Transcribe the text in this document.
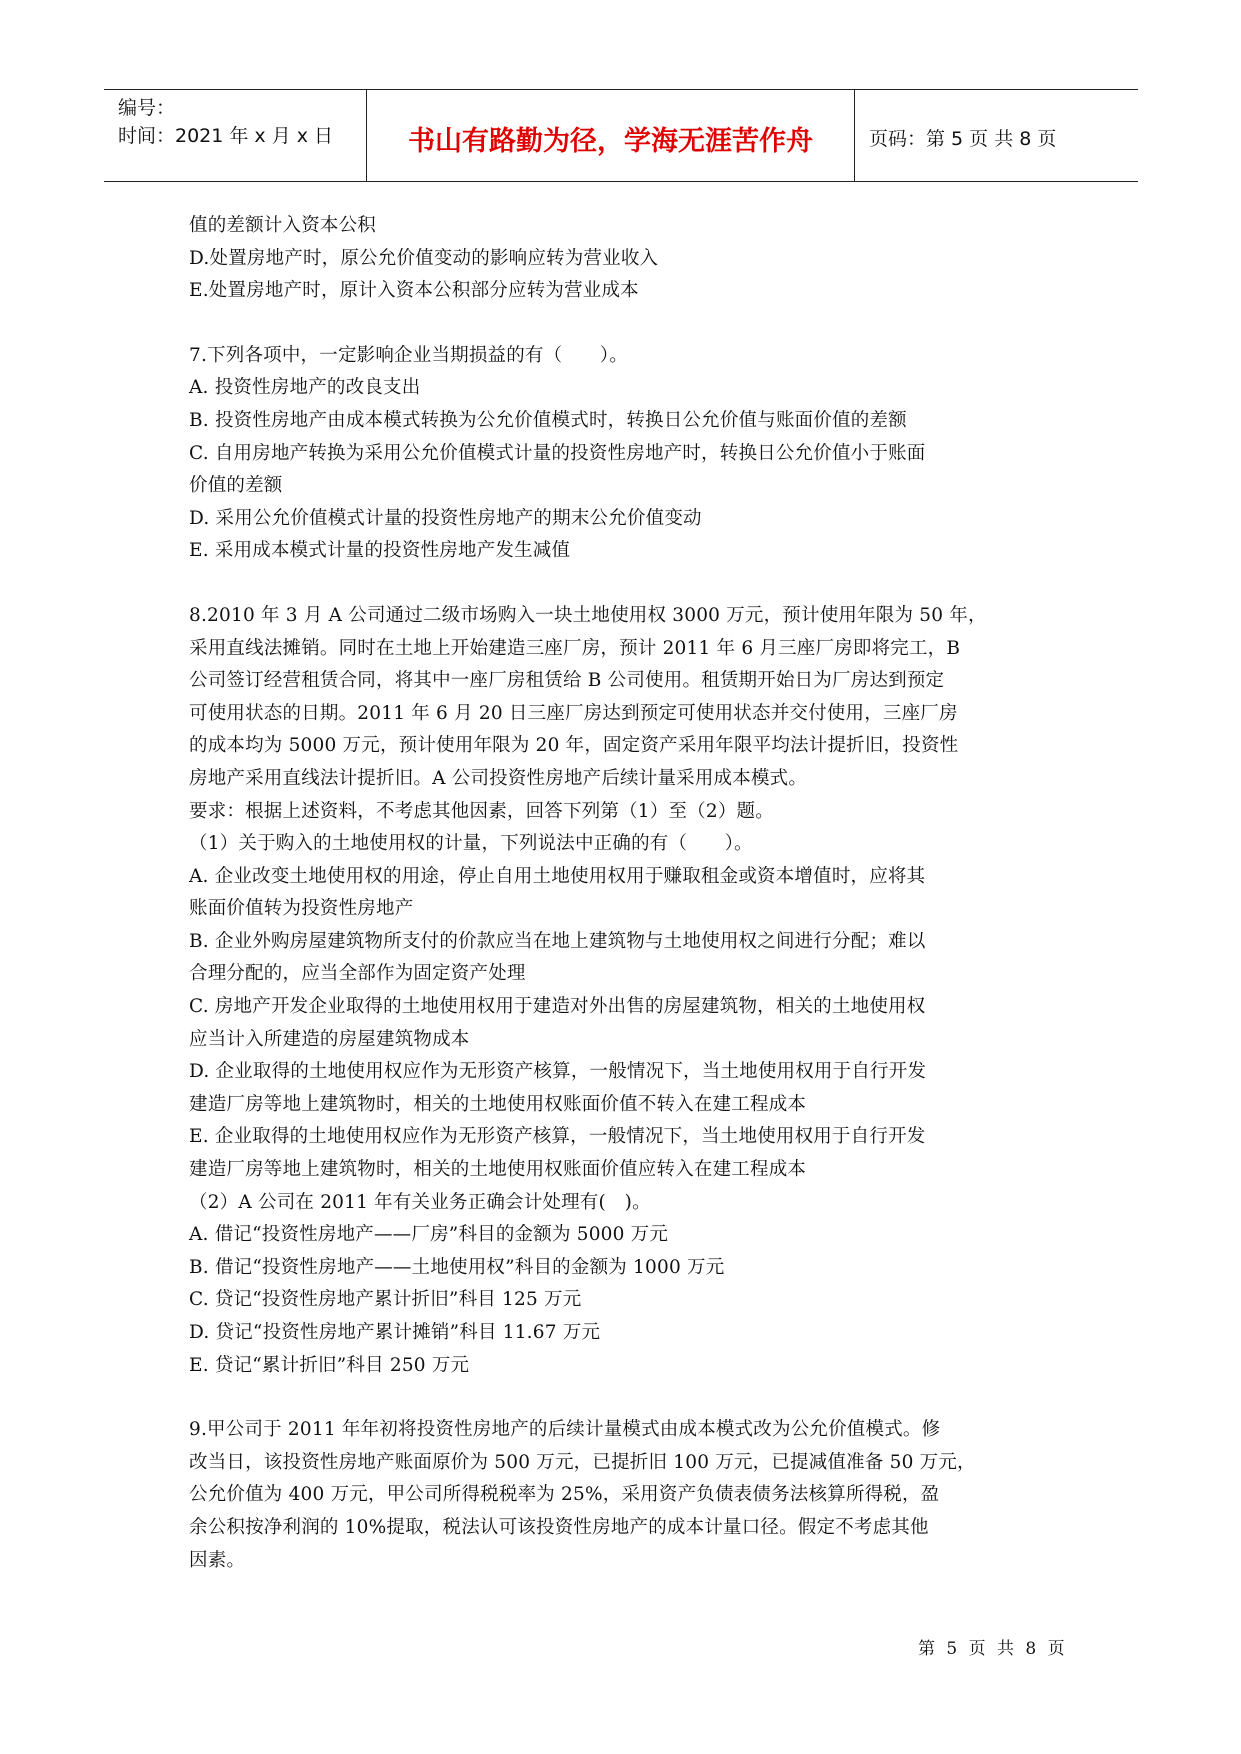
编号：
时间：2021 年 x 月 x 日	书山有路勤为径，学海无涯苦作舟	页码：第 5 页 共 8 页

值的差额计入资本公积

D.处置房地产时，原公允价值变动的影响应转为营业收入

E.处置房地产时，原计入资本公积部分应转为营业成本

7.下列各项中，一定影响企业当期损益的有（　　）。

A. 投资性房地产的改良支出

B. 投资性房地产由成本模式转换为公允价值模式时，转换日公允价值与账面价值的差额

C. 自用房地产转换为采用公允价值模式计量的投资性房地产时，转换日公允价值小于账面

价值的差额

D. 采用公允价值模式计量的投资性房地产的期末公允价值变动

E. 采用成本模式计量的投资性房地产发生减值

8.2010 年 3 月 A 公司通过二级市场购入一块土地使用权 3000 万元，预计使用年限为 50 年，

采用直线法摊销。同时在土地上开始建造三座厂房，预计 2011 年 6 月三座厂房即将完工，B

公司签订经营租赁合同，将其中一座厂房租赁给 B 公司使用。租赁期开始日为厂房达到预定

可使用状态的日期。2011 年 6 月 20 日三座厂房达到预定可使用状态并交付使用，三座厂房

的成本均为 5000 万元，预计使用年限为 20 年，固定资产采用年限平均法计提折旧，投资性

房地产采用直线法计提折旧。A 公司投资性房地产后续计量采用成本模式。

要求：根据上述资料，不考虑其他因素，回答下列第（1）至（2）题。

（1）关于购入的土地使用权的计量，下列说法中正确的有（　　）。

A. 企业改变土地使用权的用途，停止自用土地使用权用于赚取租金或资本增值时，应将其

账面价值转为投资性房地产

B. 企业外购房屋建筑物所支付的价款应当在地上建筑物与土地使用权之间进行分配；难以

合理分配的，应当全部作为固定资产处理

C. 房地产开发企业取得的土地使用权用于建造对外出售的房屋建筑物，相关的土地使用权

应当计入所建造的房屋建筑物成本

D. 企业取得的土地使用权应作为无形资产核算，一般情况下，当土地使用权用于自行开发

建造厂房等地上建筑物时，相关的土地使用权账面价值不转入在建工程成本

E. 企业取得的土地使用权应作为无形资产核算，一般情况下，当土地使用权用于自行开发

建造厂房等地上建筑物时，相关的土地使用权账面价值应转入在建工程成本

（2）A 公司在 2011 年有关业务正确会计处理有(　)。

A. 借记“投资性房地产——厂房”科目的金额为 5000 万元

B. 借记“投资性房地产——土地使用权”科目的金额为 1000 万元

C. 贷记“投资性房地产累计折旧”科目 125 万元

D. 贷记“投资性房地产累计摊销”科目 11.67 万元

E. 贷记“累计折旧”科目 250 万元

9.甲公司于 2011 年年初将投资性房地产的后续计量模式由成本模式改为公允价值模式。修

改当日，该投资性房地产账面原价为 500 万元，已提折旧 100 万元，已提减值准备 50 万元，

公允价值为 400 万元，甲公司所得税税率为 25%，采用资产负债表债务法核算所得税，盈

余公积按净利润的 10%提取，税法认可该投资性房地产的成本计量口径。假定不考虑其他

因素。

第 5 页 共 8 页
